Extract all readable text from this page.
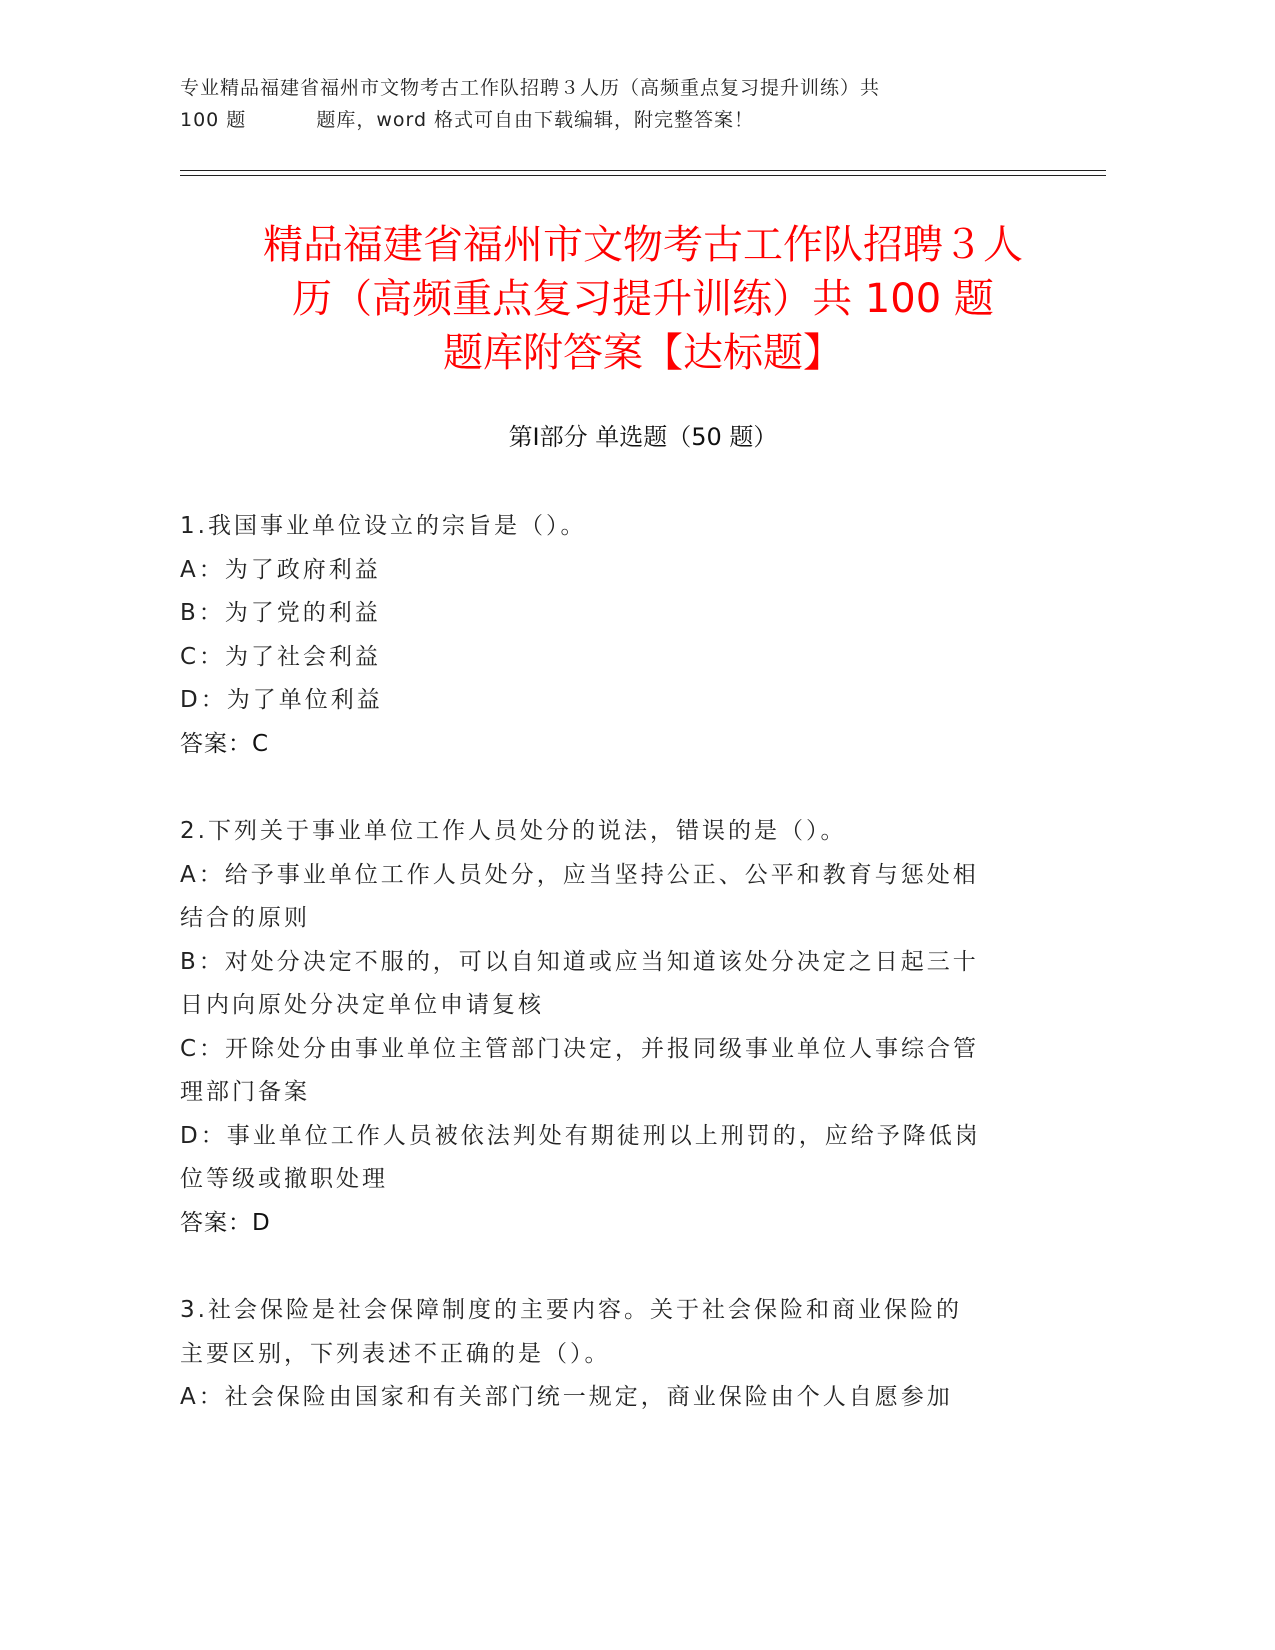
专业精品福建省福州市文物考古工作队招聘３人历（高频重点复习提升训练）共
100 题	题库，word 格式可自由下载编辑，附完整答案！
精品福建省福州市文物考古工作队招聘３人
历（高频重点复习提升训练）共 100 题
题库附答案【达标题】
第Ⅰ部分 单选题（50 题）

1.我国事业单位设立的宗旨是（）。

A：为了政府利益

B：为了党的利益

C：为了社会利益

D：为了单位利益

答案：C

2.下列关于事业单位工作人员处分的说法，错误的是（）。

A：给予事业单位工作人员处分，应当坚持公正、公平和教育与惩处相

结合的原则

B：对处分决定不服的，可以自知道或应当知道该处分决定之日起三十

日内向原处分决定单位申请复核

C：开除处分由事业单位主管部门决定，并报同级事业单位人事综合管

理部门备案

D：事业单位工作人员被依法判处有期徒刑以上刑罚的，应给予降低岗

位等级或撤职处理

答案：D

3.社会保险是社会保障制度的主要内容。关于社会保险和商业保险的

主要区别，下列表述不正确的是（）。

A：社会保险由国家和有关部门统一规定，商业保险由个人自愿参加
